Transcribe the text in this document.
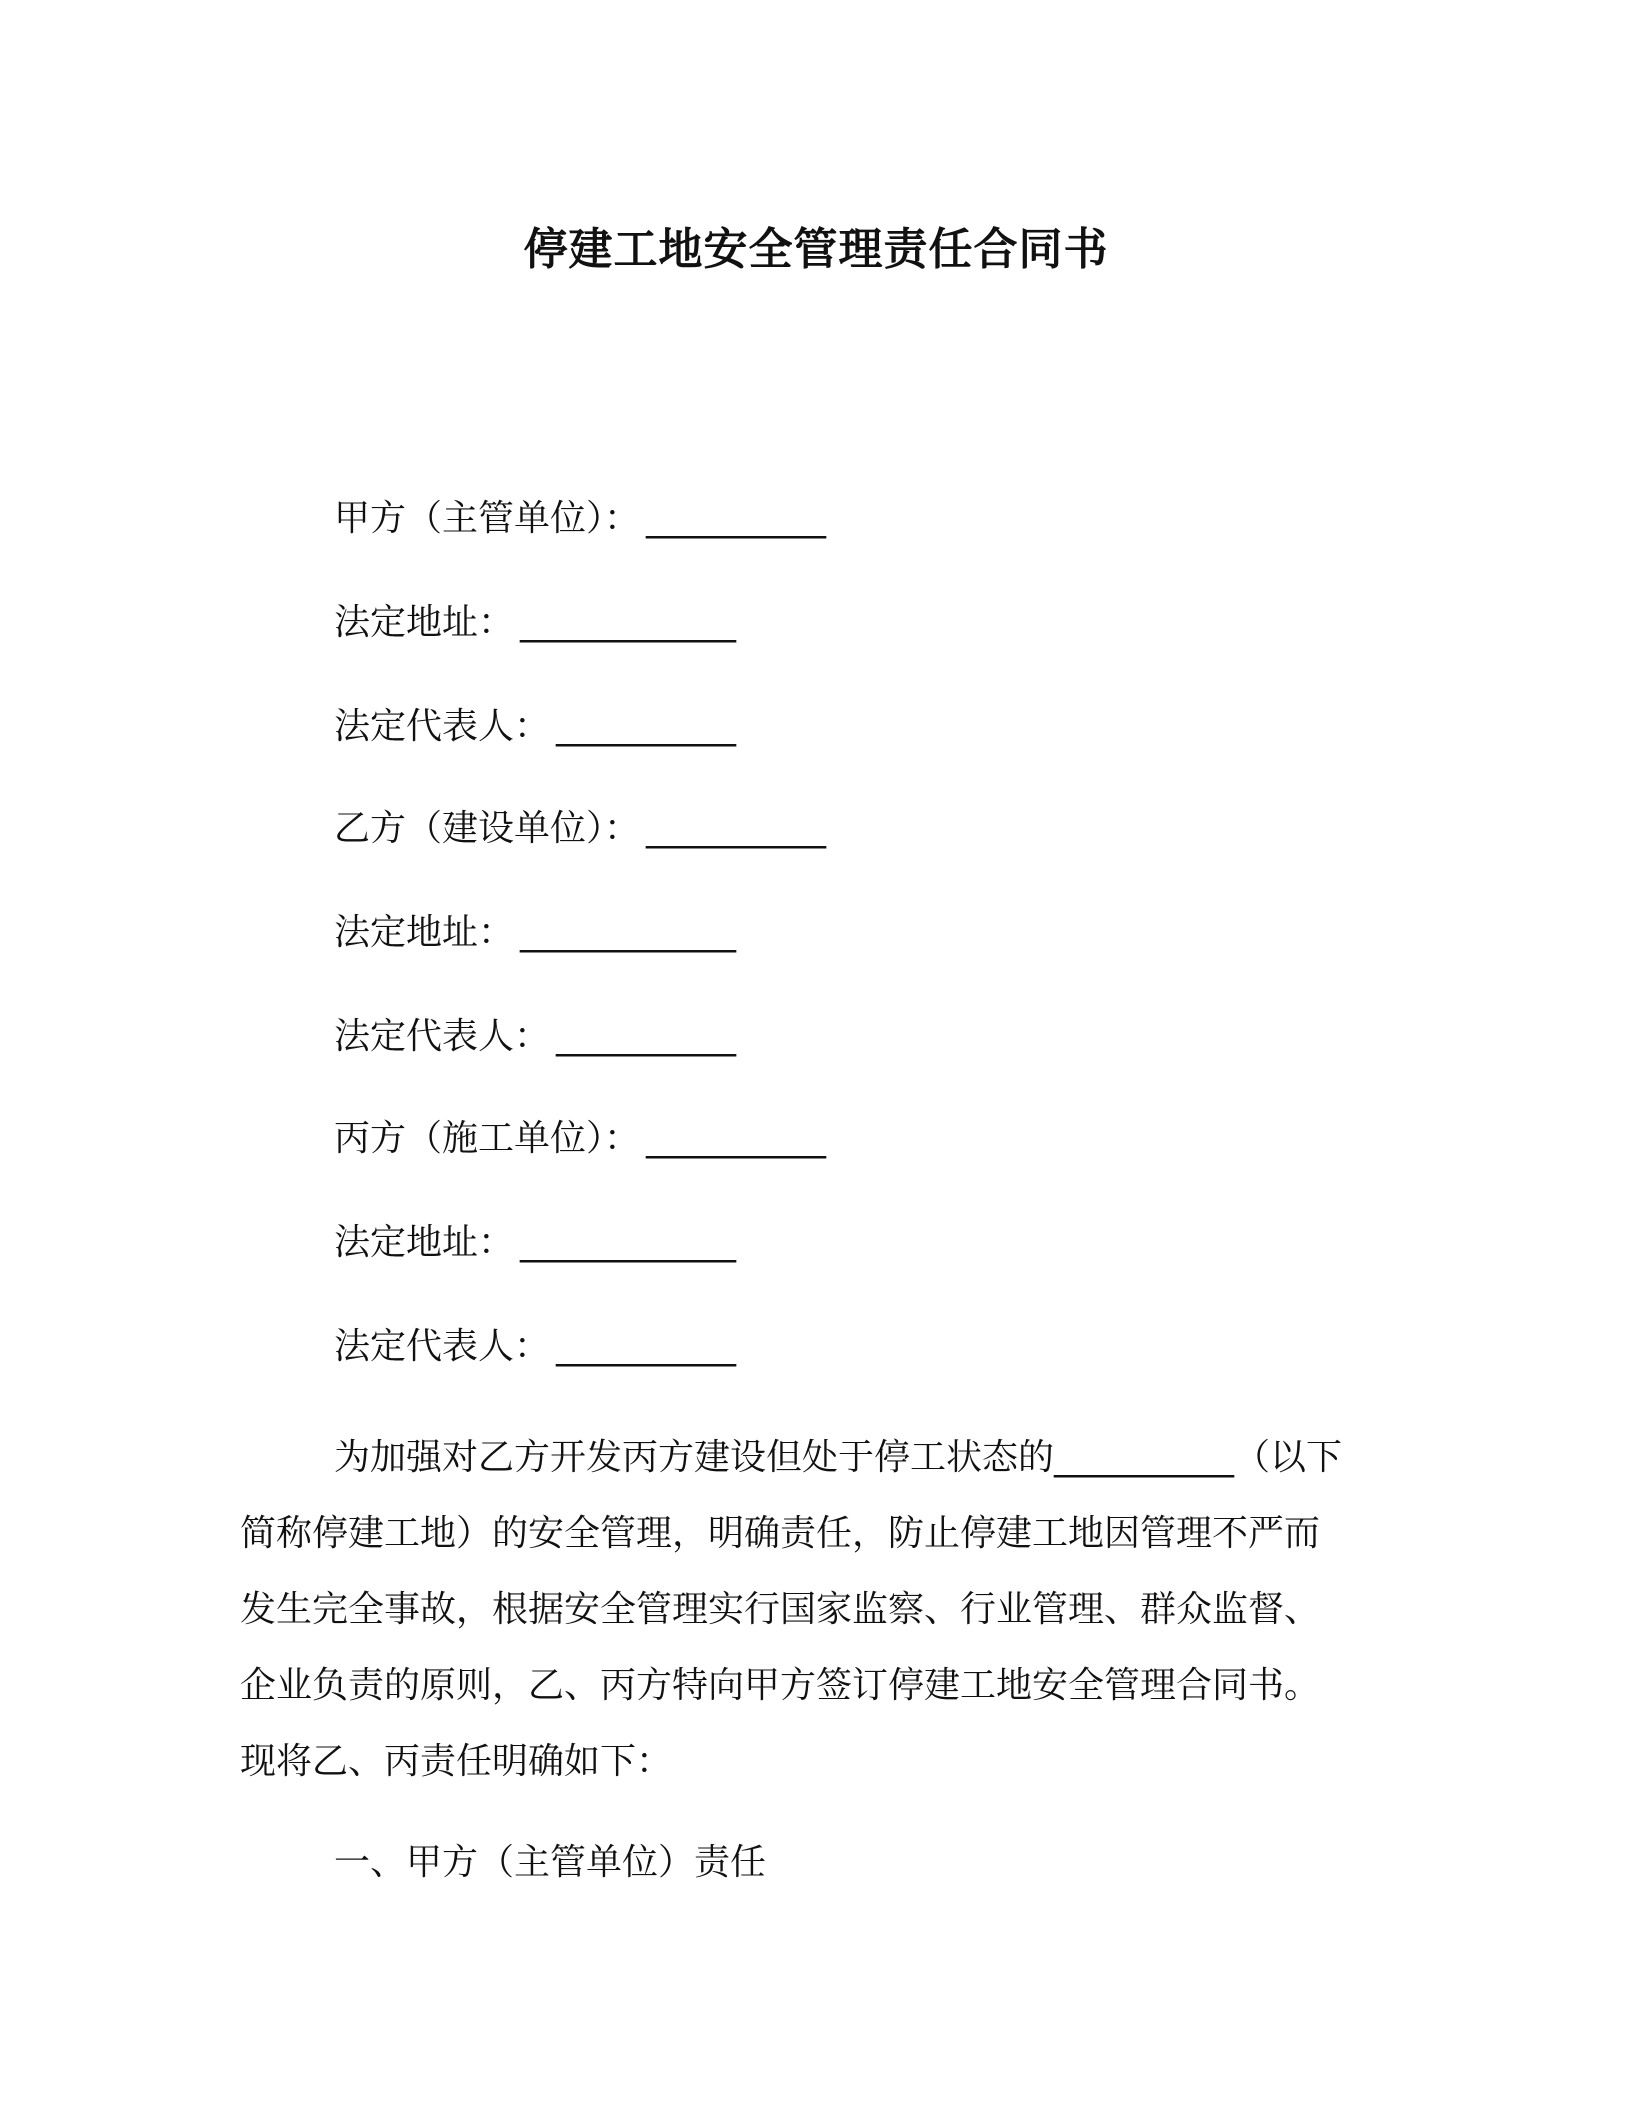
停建工地安全管理责任合同书
甲方（主管单位）： __________
法定地址： ____________
法定代表人： __________
乙方（建设单位）： __________
法定地址： ____________
法定代表人： __________
丙方（施工单位）： __________
法定地址： ____________
法定代表人： __________
为加强对乙方开发丙方建设但处于停工状态的__________（以下
简称停建工地）的安全管理，明确责任，防止停建工地因管理不严而
发生完全事故，根据安全管理实行国家监察、行业管理、群众监督、
企业负责的原则，乙、丙方特向甲方签订停建工地安全管理合同书。
现将乙、丙责任明确如下：
一、甲方（主管单位）责任
